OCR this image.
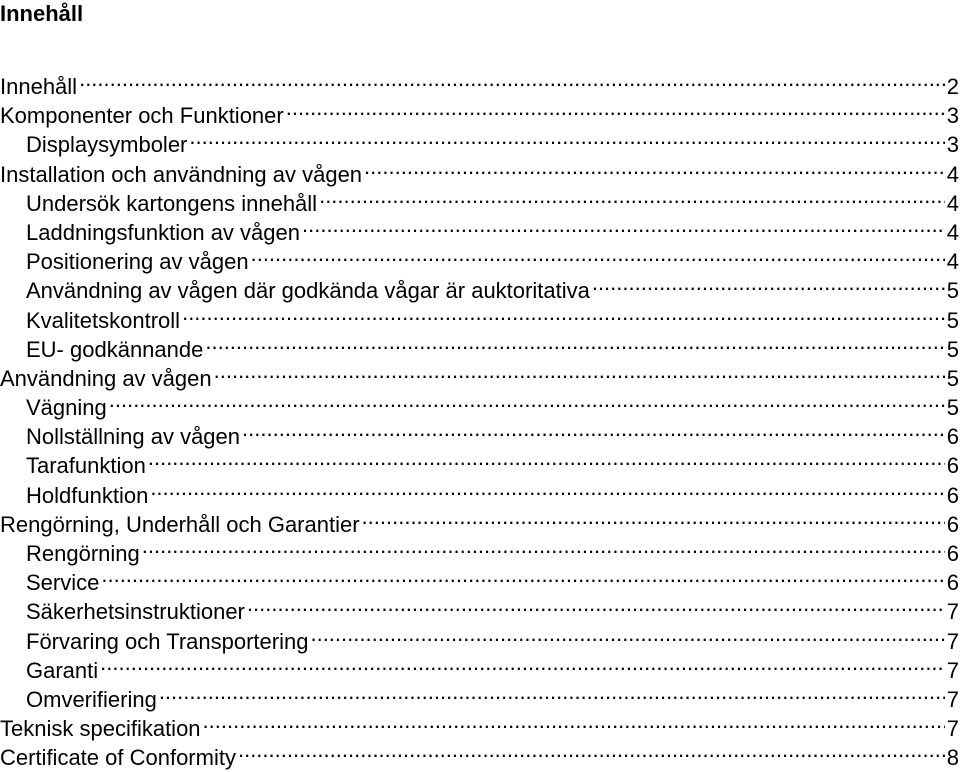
Innehåll
Innehåll .....	2
Komponenter och Funktioner .....	3
Displaysymboler .....	3
Installation och användning av vågen .....	4
Undersök kartongens innehåll .....	4
Laddningsfunktion av vågen .....	4
Positionering av vågen .....	4
Användning av vågen där godkända vågar är auktoritativa .....	5
Kvalitetskontroll .....	5
EU- godkännande .....	5
Användning av vågen .....	5
Vägning .....	5
Nollställning av vågen .....	6
Tarafunktion .....	6
Holdfunktion .....	6
Rengörning, Underhåll och Garantier .....	6
Rengörning .....	6
Service .....	6
Säkerhetsinstruktioner .....	7
Förvaring och Transportering .....	7
Garanti .....	7
Omverifiering .....	7
Teknisk specifikation .....	7
Certificate of Conformity .....	8
